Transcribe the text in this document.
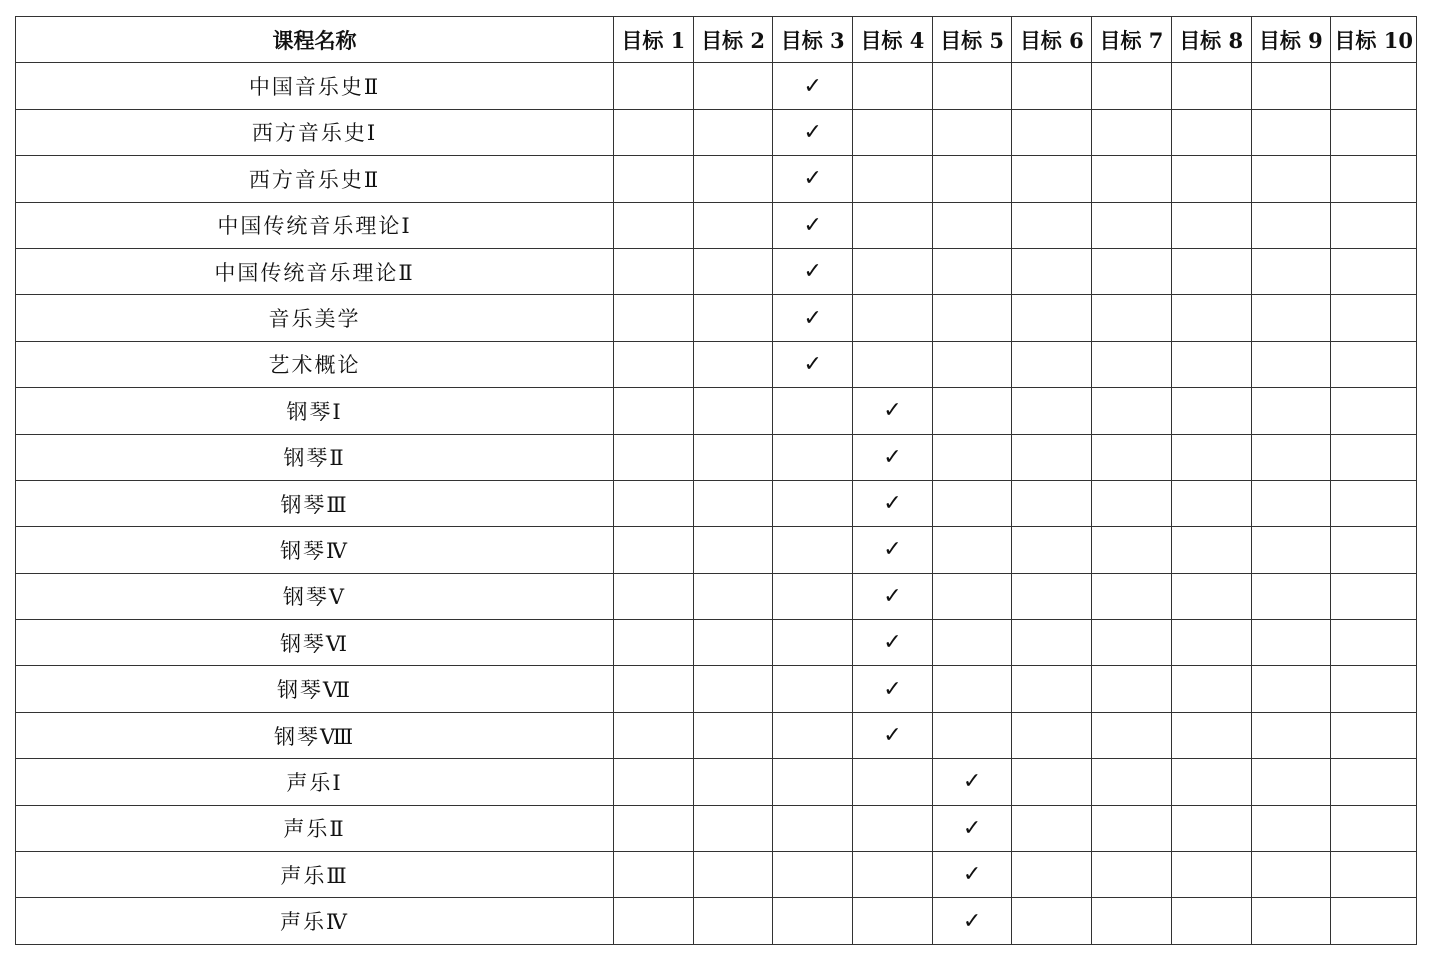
课程名称	目标 1	目标 2	目标 3	目标 4	目标 5	目标 6	目标 7	目标 8	目标 9	目标 10
中国音乐史Ⅱ			✓							
西方音乐史Ⅰ			✓							
西方音乐史Ⅱ			✓							
中国传统音乐理论Ⅰ			✓							
中国传统音乐理论Ⅱ			✓							
音乐美学			✓							
艺术概论			✓							
钢琴Ⅰ				✓						
钢琴Ⅱ				✓						
钢琴Ⅲ				✓						
钢琴Ⅳ				✓						
钢琴Ⅴ				✓						
钢琴Ⅵ				✓						
钢琴Ⅶ				✓						
钢琴Ⅷ				✓						
声乐Ⅰ					✓					
声乐Ⅱ					✓					
声乐Ⅲ					✓					
声乐Ⅳ					✓					
